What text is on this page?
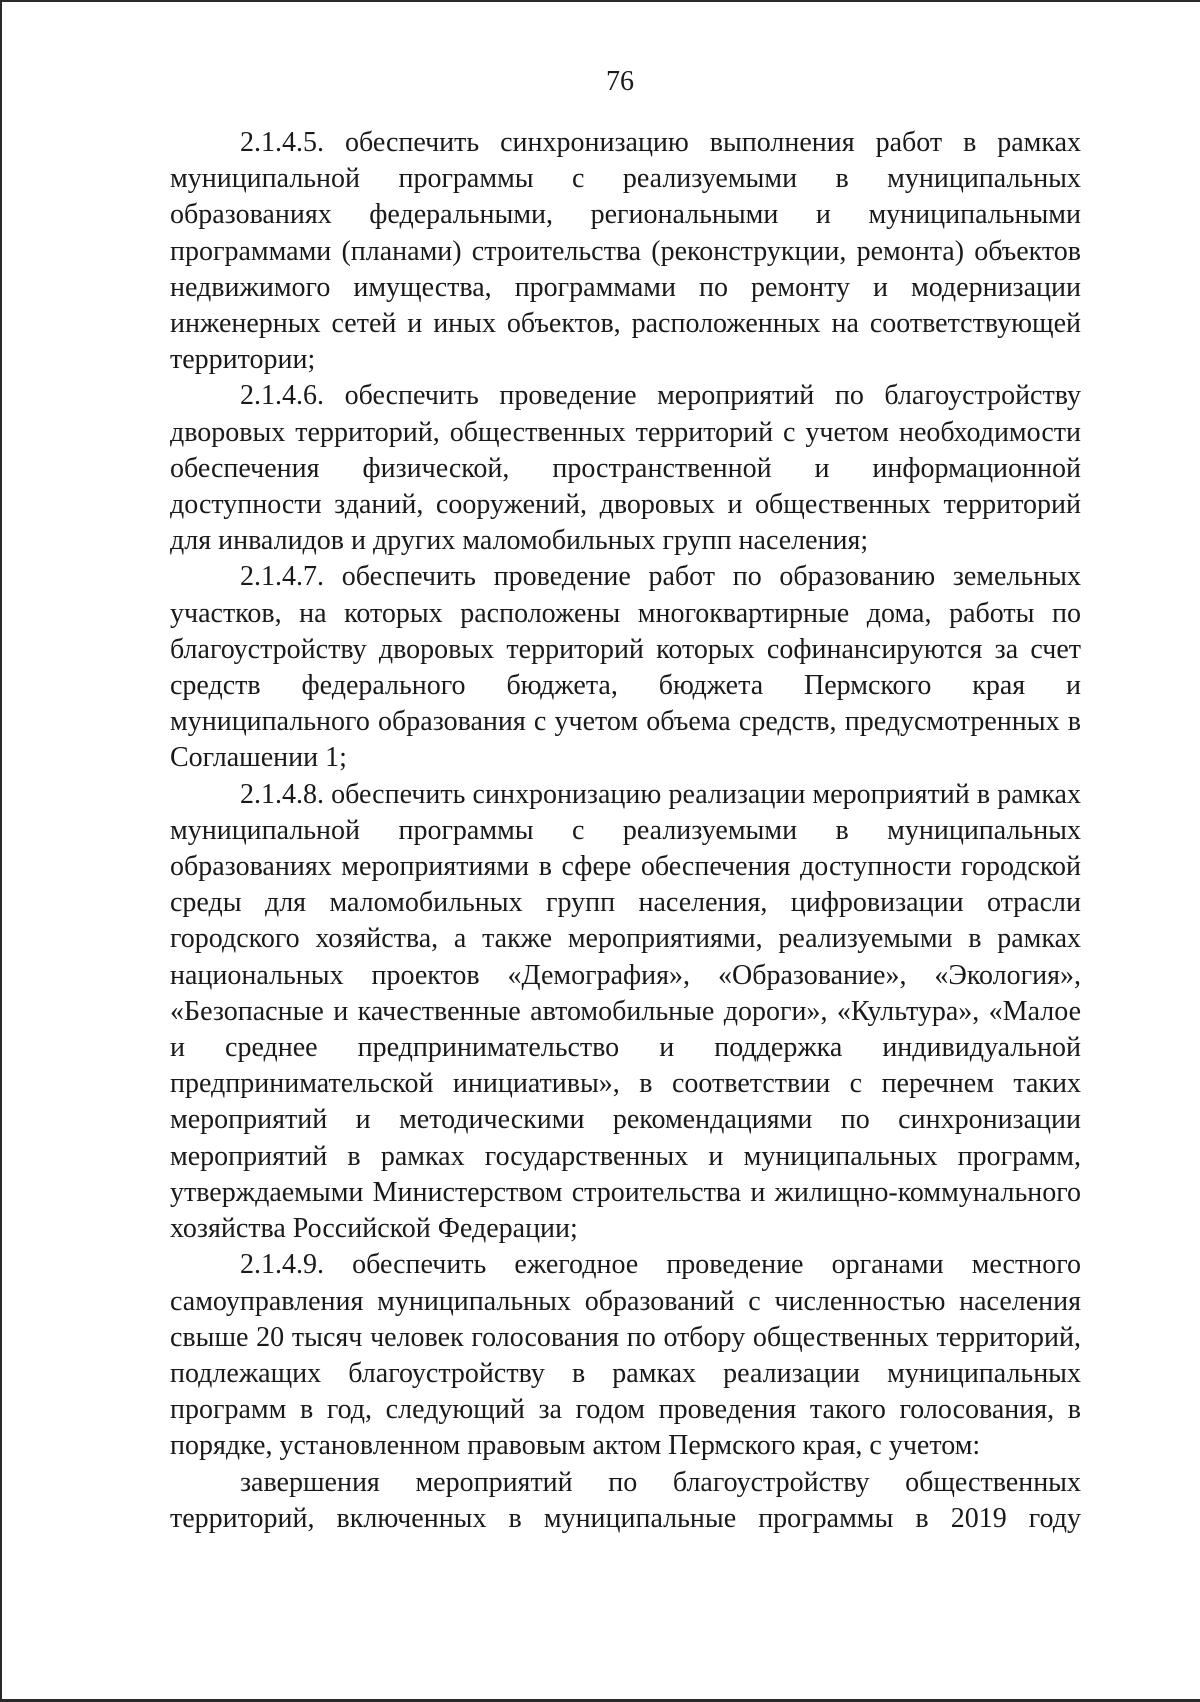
76

2.1.4.5. обеспечить синхронизацию выполнения работ в рамках муниципальной программы с реализуемыми в муниципальных образованиях федеральными, региональными и муниципальными программами (планами) строительства (реконструкции, ремонта) объектов недвижимого имущества, программами по ремонту и модернизации инженерных сетей и иных объектов, расположенных на соответствующей территории;

2.1.4.6. обеспечить проведение мероприятий по благоустройству дворовых территорий, общественных территорий с учетом необходимости обеспечения физической, пространственной и информационной доступности зданий, сооружений, дворовых и общественных территорий для инвалидов и других маломобильных групп населения;

2.1.4.7. обеспечить проведение работ по образованию земельных участков, на которых расположены многоквартирные дома, работы по благоустройству дворовых территорий которых софинансируются за счет средств федерального бюджета, бюджета Пермского края и муниципального образования с учетом объема средств, предусмотренных в Соглашении 1;

2.1.4.8. обеспечить синхронизацию реализации мероприятий в рамках муниципальной программы с реализуемыми в муниципальных образованиях мероприятиями в сфере обеспечения доступности городской среды для маломобильных групп населения, цифровизации отрасли городского хозяйства, а также мероприятиями, реализуемыми в рамках национальных проектов «Демография», «Образование», «Экология», «Безопасные и качественные автомобильные дороги», «Культура», «Малое и среднее предпринимательство и поддержка индивидуальной предпринимательской инициативы», в соответствии с перечнем таких мероприятий и методическими рекомендациями по синхронизации мероприятий в рамках государственных и муниципальных программ, утверждаемыми Министерством строительства и жилищно-коммунального хозяйства Российской Федерации;

2.1.4.9. обеспечить ежегодное проведение органами местного самоуправления муниципальных образований с численностью населения свыше 20 тысяч человек голосования по отбору общественных территорий, подлежащих благоустройству в рамках реализации муниципальных программ в год, следующий за годом проведения такого голосования, в порядке, установленном правовым актом Пермского края, с учетом:

завершения мероприятий по благоустройству общественных территорий, включенных в муниципальные программы в 2019 году
